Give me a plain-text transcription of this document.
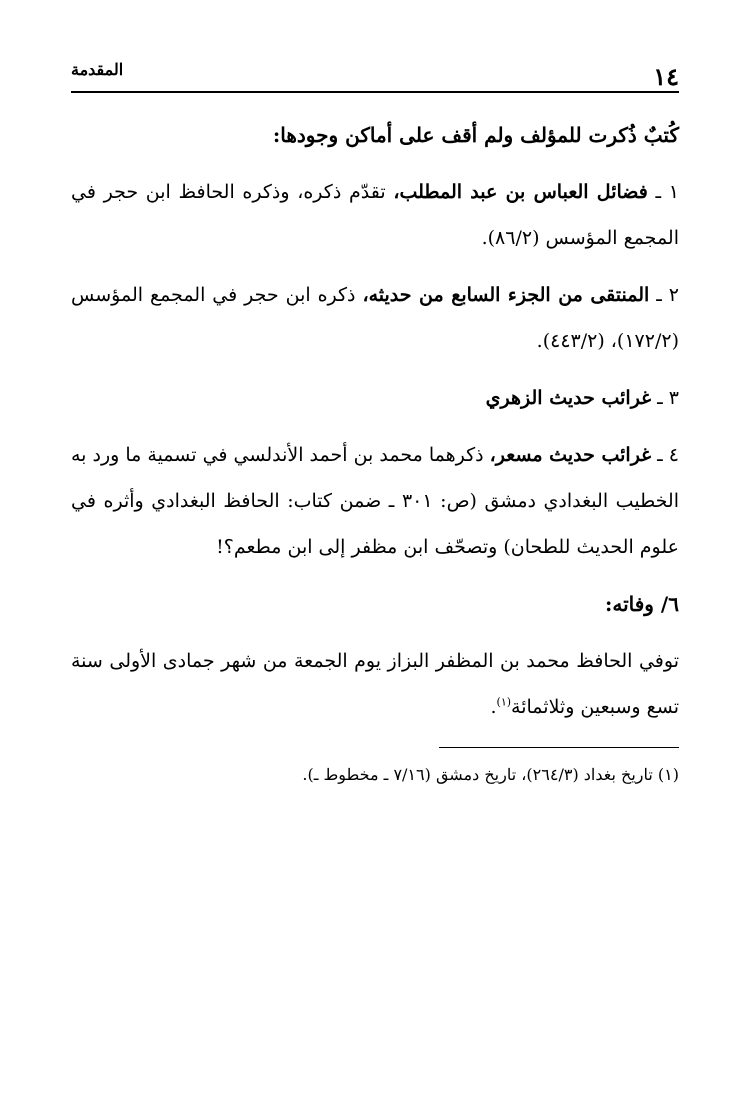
١٤
المقدمة

كُتبٌ ذُكرت للمؤلف ولم أقف على أماكن وجودها:

١ ـ فضائل العباس بن عبد المطلب، تقدّم ذكره، وذكره الحافظ ابن حجر في المجمع المؤسس (٨٦/٢).

٢ ـ المنتقى من الجزء السابع من حديثه، ذكره ابن حجر في المجمع المؤسس (١٧٢/٢)، (٤٤٣/٢).

٣ ـ غرائب حديث الزهري

٤ ـ غرائب حديث مسعر، ذكرهما محمد بن أحمد الأندلسي في تسمية ما ورد به الخطيب البغدادي دمشق (ص: ٣٠١ ـ ضمن كتاب: الحافظ البغدادي وأثره في علوم الحديث للطحان) وتصحّف ابن مظفر إلى ابن مطعم؟!

٦/ وفاته:

توفي الحافظ محمد بن المظفر البزاز يوم الجمعة من شهر جمادى الأولى سنة تسع وسبعين وثلاثمائة$^{(١)}$.

(١) تاريخ بغداد (٢٦٤/٣)، تاريخ دمشق (٧/١٦ ـ مخطوط ـ).
